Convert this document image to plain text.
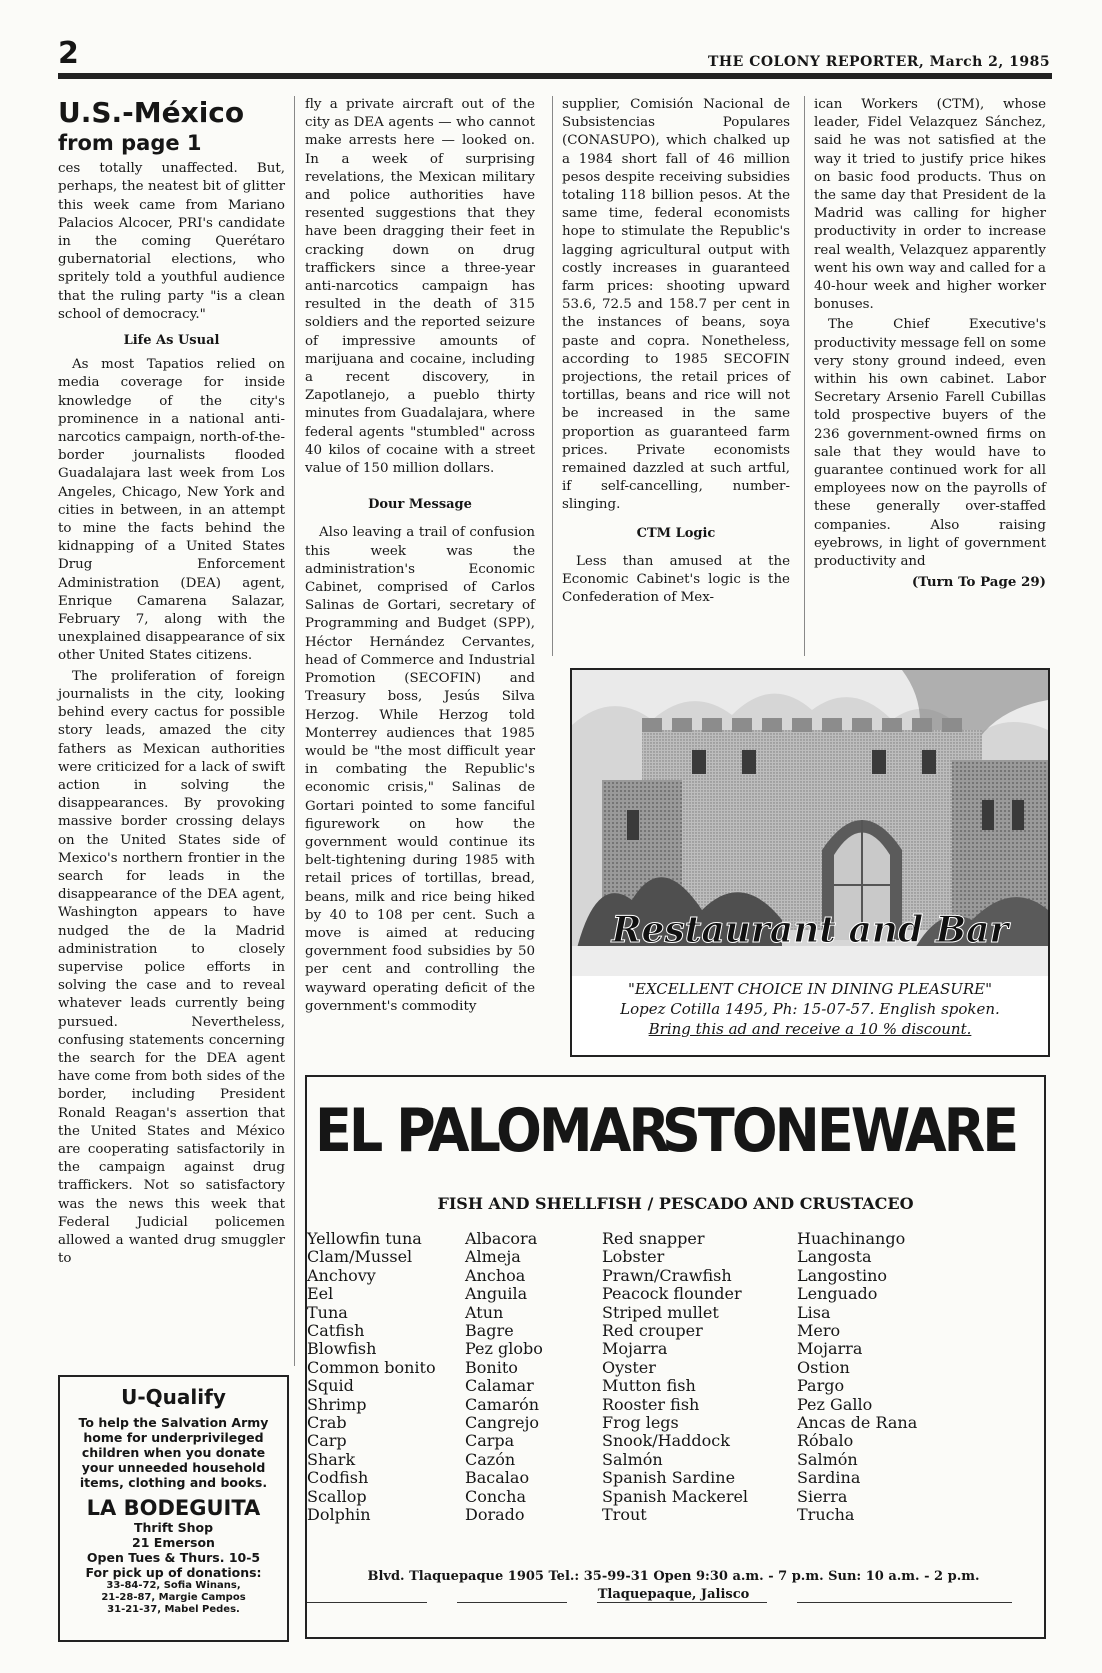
2	THE COLONY REPORTER, March 2, 1985
U.S.-México
from page 1

ces totally unaffected. But, perhaps, the neatest bit of glitter this week came from Mariano Palacios Alcocer, PRI's candidate in the coming Querétaro gubernatorial elections, who spritely told a youthful audience that the ruling party "is a clean school of democracy."

Life As Usual

As most Tapatios relied on media coverage for inside knowledge of the city's prominence in a national anti-narcotics campaign, north-of-the-border journalists flooded Guadalajara last week from Los Angeles, Chicago, New York and cities in between, in an attempt to mine the facts behind the kidnapping of a United States Drug Enforcement Administration (DEA) agent, Enrique Camarena Salazar, February 7, along with the unexplained disappearance of six other United States citizens.

The proliferation of foreign journalists in the city, looking behind every cactus for possible story leads, amazed the city fathers as Mexican authorities were criticized for a lack of swift action in solving the disappearances. By provoking massive border crossing delays on the United States side of Mexico's northern frontier in the search for leads in the disappearance of the DEA agent, Washington appears to have nudged the de la Madrid administration to closely supervise police efforts in solving the case and to reveal whatever leads currently being pursued. Nevertheless, confusing statements concerning the search for the DEA agent have come from both sides of the border, including President Ronald Reagan's assertion that the United States and México are cooperating satisfactorily in the campaign against drug traffickers. Not so satisfactory was the news this week that Federal Judicial policemen allowed a wanted drug smuggler to

fly a private aircraft out of the city as DEA agents — who cannot make arrests here — looked on. In a week of surprising revelations, the Mexican military and police authorities have resented suggestions that they have been dragging their feet in cracking down on drug traffickers since a three-year anti-narcotics campaign has resulted in the death of 315 soldiers and the reported seizure of impressive amounts of marijuana and cocaine, including a recent discovery, in Zapotlanejo, a pueblo thirty minutes from Guadalajara, where federal agents "stumbled" across 40 kilos of cocaine with a street value of 150 million dollars.

Dour Message

Also leaving a trail of confusion this week was the administration's Economic Cabinet, comprised of Carlos Salinas de Gortari, secretary of Programming and Budget (SPP), Héctor Hernández Cervantes, head of Commerce and Industrial Promotion (SECOFIN) and Treasury boss, Jesús Silva Herzog. While Herzog told Monterrey audiences that 1985 would be "the most difficult year in combating the Republic's economic crisis," Salinas de Gortari pointed to some fanciful figurework on how the government would continue its belt-tightening during 1985 with retail prices of tortillas, bread, beans, milk and rice being hiked by 40 to 108 per cent. Such a move is aimed at reducing government food subsidies by 50 per cent and controlling the wayward operating deficit of the government's commodity

supplier, Comisión Nacional de Subsistencias Populares (CONASUPO), which chalked up a 1984 short fall of 46 million pesos despite receiving subsidies totaling 118 billion pesos. At the same time, federal economists hope to stimulate the Republic's lagging agricultural output with costly increases in guaranteed farm prices: shooting upward 53.6, 72.5 and 158.7 per cent in the instances of beans, soya paste and copra. Nonetheless, according to 1985 SECOFIN projections, the retail prices of tortillas, beans and rice will not be increased in the same proportion as guaranteed farm prices. Private economists remained dazzled at such artful, if self-cancelling, number-slinging.

CTM Logic

Less than amused at the Economic Cabinet's logic is the Confederation of Mex-

ican Workers (CTM), whose leader, Fidel Velazquez Sánchez, said he was not satisfied at the way it tried to justify price hikes on basic food products. Thus on the same day that President de la Madrid was calling for higher productivity in order to increase real wealth, Velazquez apparently went his own way and called for a 40-hour week and higher worker bonuses.

The Chief Executive's productivity message fell on some very stony ground indeed, even within his own cabinet. Labor Secretary Arsenio Farell Cubillas told prospective buyers of the 236 government-owned firms on sale that they would have to guarantee continued work for all employees now on the payrolls of these generally over-staffed companies. Also raising eyebrows, in light of government productivity and

(Turn To Page 29)
Restaurant and Bar
"EXCELLENT CHOICE IN DINING PLEASURE"
Lopez Cotilla 1495, Ph: 15-07-57. English spoken.
Bring this ad and receive a 10 % discount.
U-Qualify
To help the Salvation Army home for underprivileged children when you donate your unneeded household items, clothing and books.
LA BODEGUITA
Thrift Shop
21 Emerson
Open Tues & Thurs. 10-5
For pick up of donations:
33-84-72, Sofia Winans,
21-28-87, Margie Campos
31-21-37, Mabel Pedes.
EL PALOMAR
STONEWARE
FISH AND SHELLFISH / PESCADO AND CRUSTACEO
Yellowfin tuna
Clam/Mussel
Anchovy
Eel
Tuna
Catfish
Blowfish
Common bonito
Squid
Shrimp
Crab
Carp
Shark
Codfish
Scallop
Dolphin
Albacora
Almeja
Anchoa
Anguila
Atun
Bagre
Pez globo
Bonito
Calamar
Camarón
Cangrejo
Carpa
Cazón
Bacalao
Concha
Dorado
Red snapper
Lobster
Prawn/Crawfish
Peacock flounder
Striped mullet
Red crouper
Mojarra
Oyster
Mutton fish
Rooster fish
Frog legs
Snook/Haddock
Salmón
Spanish Sardine
Spanish Mackerel
Trout
Huachinango
Langosta
Langostino
Lenguado
Lisa
Mero
Mojarra
Ostion
Pargo
Pez Gallo
Ancas de Rana
Róbalo
Salmón
Sardina
Sierra
Trucha
Blvd. Tlaquepaque 1905 Tel.: 35-99-31 Open 9:30 a.m. - 7 p.m. Sun: 10 a.m. - 2 p.m.
Tlaquepaque, Jalisco
